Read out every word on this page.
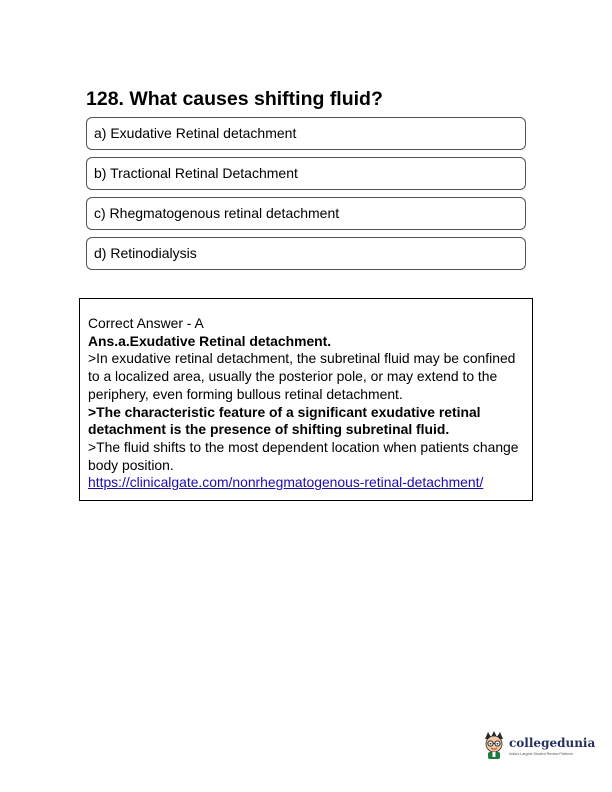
128. What causes shifting fluid?
a) Exudative Retinal detachment
b) Tractional Retinal Detachment
c) Rhegmatogenous retinal detachment
d) Retinodialysis
Correct Answer - A
Ans.a.Exudative Retinal detachment.
>In exudative retinal detachment, the subretinal fluid may be confined to a localized area, usually the posterior pole, or may extend to the periphery, even forming bullous retinal detachment.
>The characteristic feature of a significant exudative retinal detachment is the presence of shifting subretinal fluid.
>The fluid shifts to the most dependent location when patients change body position.
https://clinicalgate.com/nonrhegmatogenous-retinal-detachment/
collegedunia
India's Largest Student Review Platform
